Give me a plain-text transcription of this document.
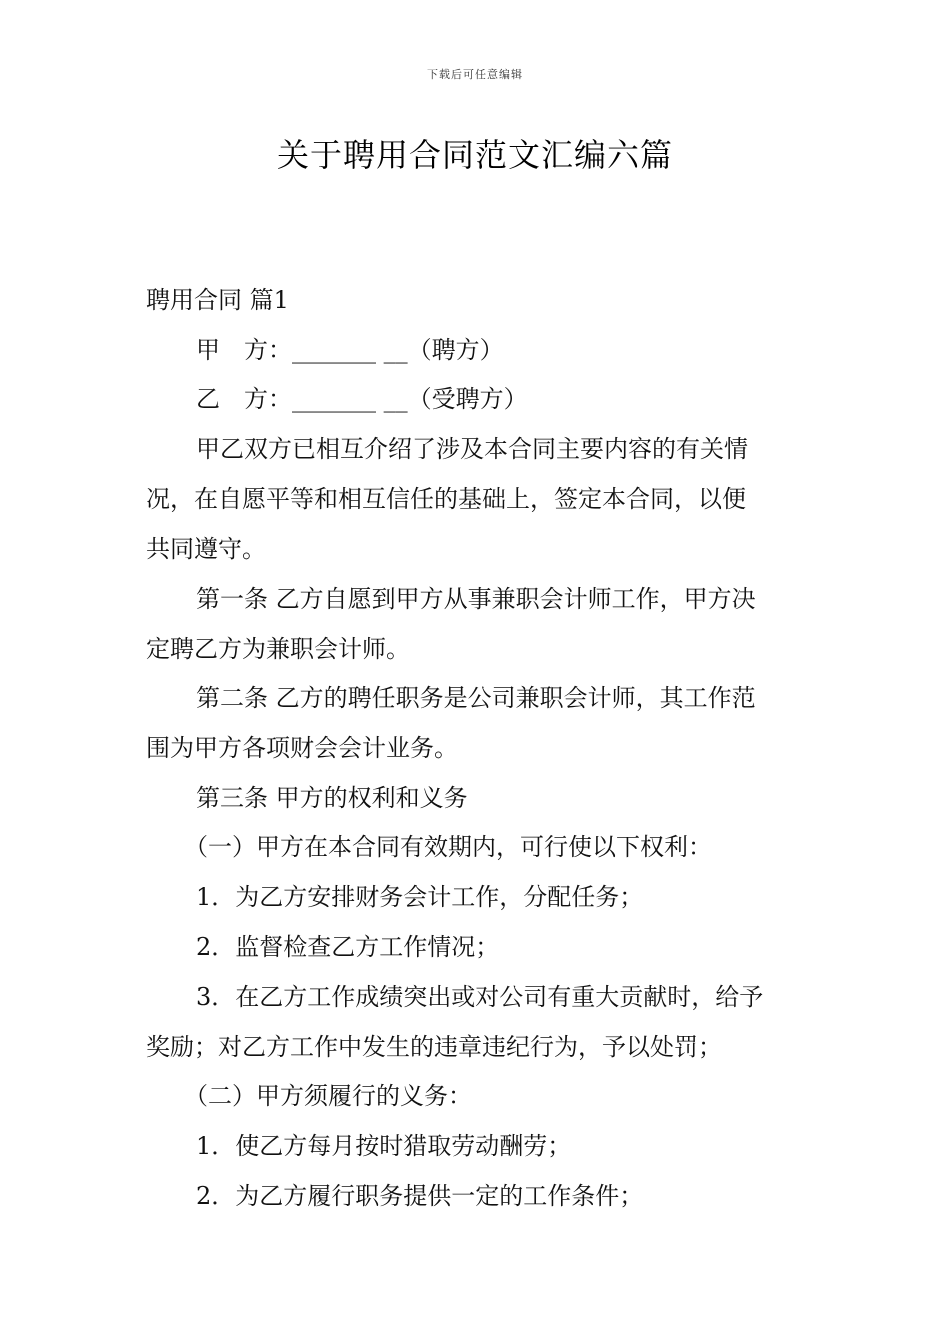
下载后可任意编辑
关于聘用合同范文汇编六篇
聘用合同 篇1
甲　方：_______ __（聘方）
乙　方：_______ __（受聘方）
甲乙双方已相互介绍了涉及本合同主要内容的有关情
况，在自愿平等和相互信任的基础上，签定本合同，以便
共同遵守。
第一条 乙方自愿到甲方从事兼职会计师工作，甲方决
定聘乙方为兼职会计师。
第二条 乙方的聘任职务是公司兼职会计师，其工作范
围为甲方各项财会会计业务。
第三条 甲方的权利和义务
（一）甲方在本合同有效期内，可行使以下权利：
1．为乙方安排财务会计工作，分配任务；
2．监督检查乙方工作情况；
3．在乙方工作成绩突出或对公司有重大贡献时，给予
奖励；对乙方工作中发生的违章违纪行为，予以处罚；
（二）甲方须履行的义务：
1．使乙方每月按时猎取劳动酬劳；
2．为乙方履行职务提供一定的工作条件；
